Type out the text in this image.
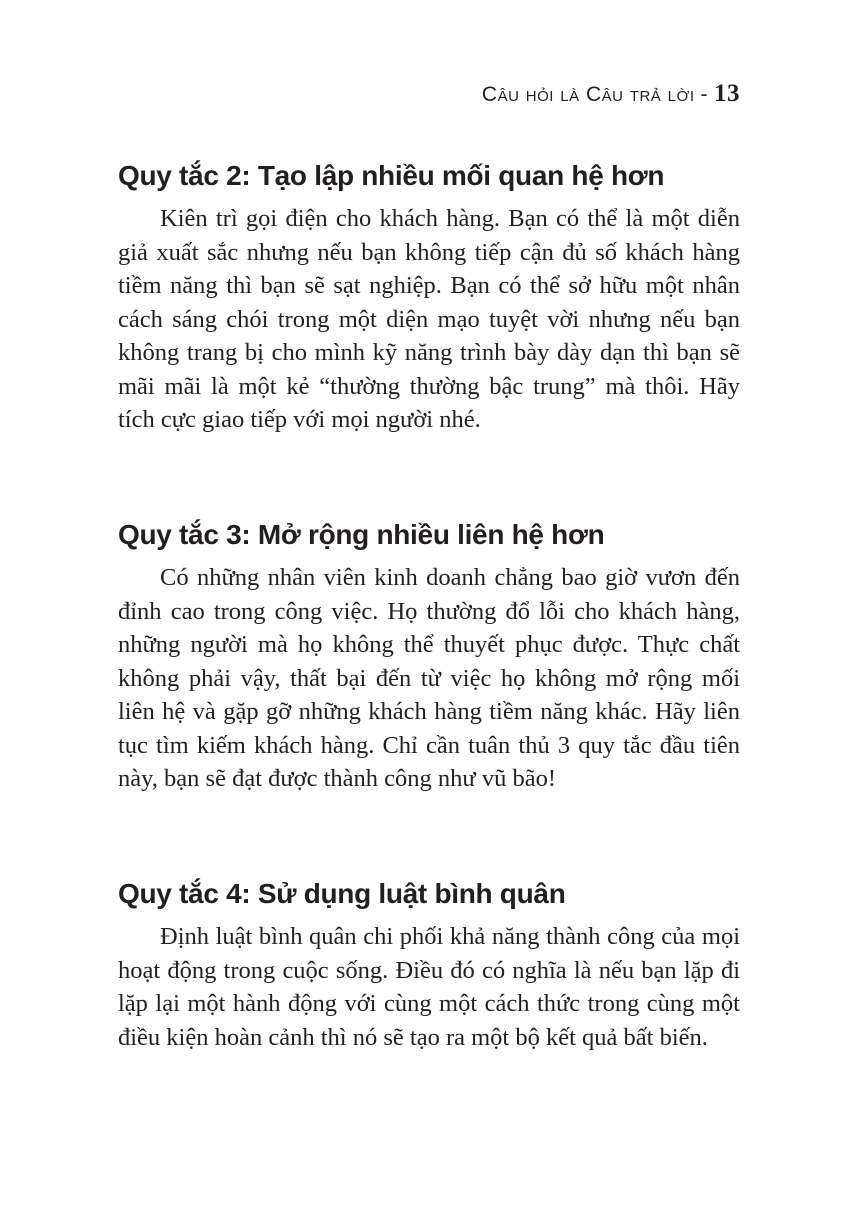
Câu hỏi là Câu trả lời - 13
Quy tắc 2: Tạo lập nhiều mối quan hệ hơn

Kiên trì gọi điện cho khách hàng. Bạn có thể là một diễn giả xuất sắc nhưng nếu bạn không tiếp cận đủ số khách hàng tiềm năng thì bạn sẽ sạt nghiệp. Bạn có thể sở hữu một nhân cách sáng chói trong một diện mạo tuyệt vời nhưng nếu bạn không trang bị cho mình kỹ năng trình bày dày dạn thì bạn sẽ mãi mãi là một kẻ “thường thường bậc trung” mà thôi. Hãy tích cực giao tiếp với mọi người nhé.

Quy tắc 3: Mở rộng nhiều liên hệ hơn

Có những nhân viên kinh doanh chẳng bao giờ vươn đến đỉnh cao trong công việc. Họ thường đổ lỗi cho khách hàng, những người mà họ không thể thuyết phục được. Thực chất không phải vậy, thất bại đến từ việc họ không mở rộng mối liên hệ và gặp gỡ những khách hàng tiềm năng khác. Hãy liên tục tìm kiếm khách hàng. Chỉ cần tuân thủ 3 quy tắc đầu tiên này, bạn sẽ đạt được thành công như vũ bão!

Quy tắc 4: Sử dụng luật bình quân

Định luật bình quân chi phối khả năng thành công của mọi hoạt động trong cuộc sống. Điều đó có nghĩa là nếu bạn lặp đi lặp lại một hành động với cùng một cách thức trong cùng một điều kiện hoàn cảnh thì nó sẽ tạo ra một bộ kết quả bất biến.
